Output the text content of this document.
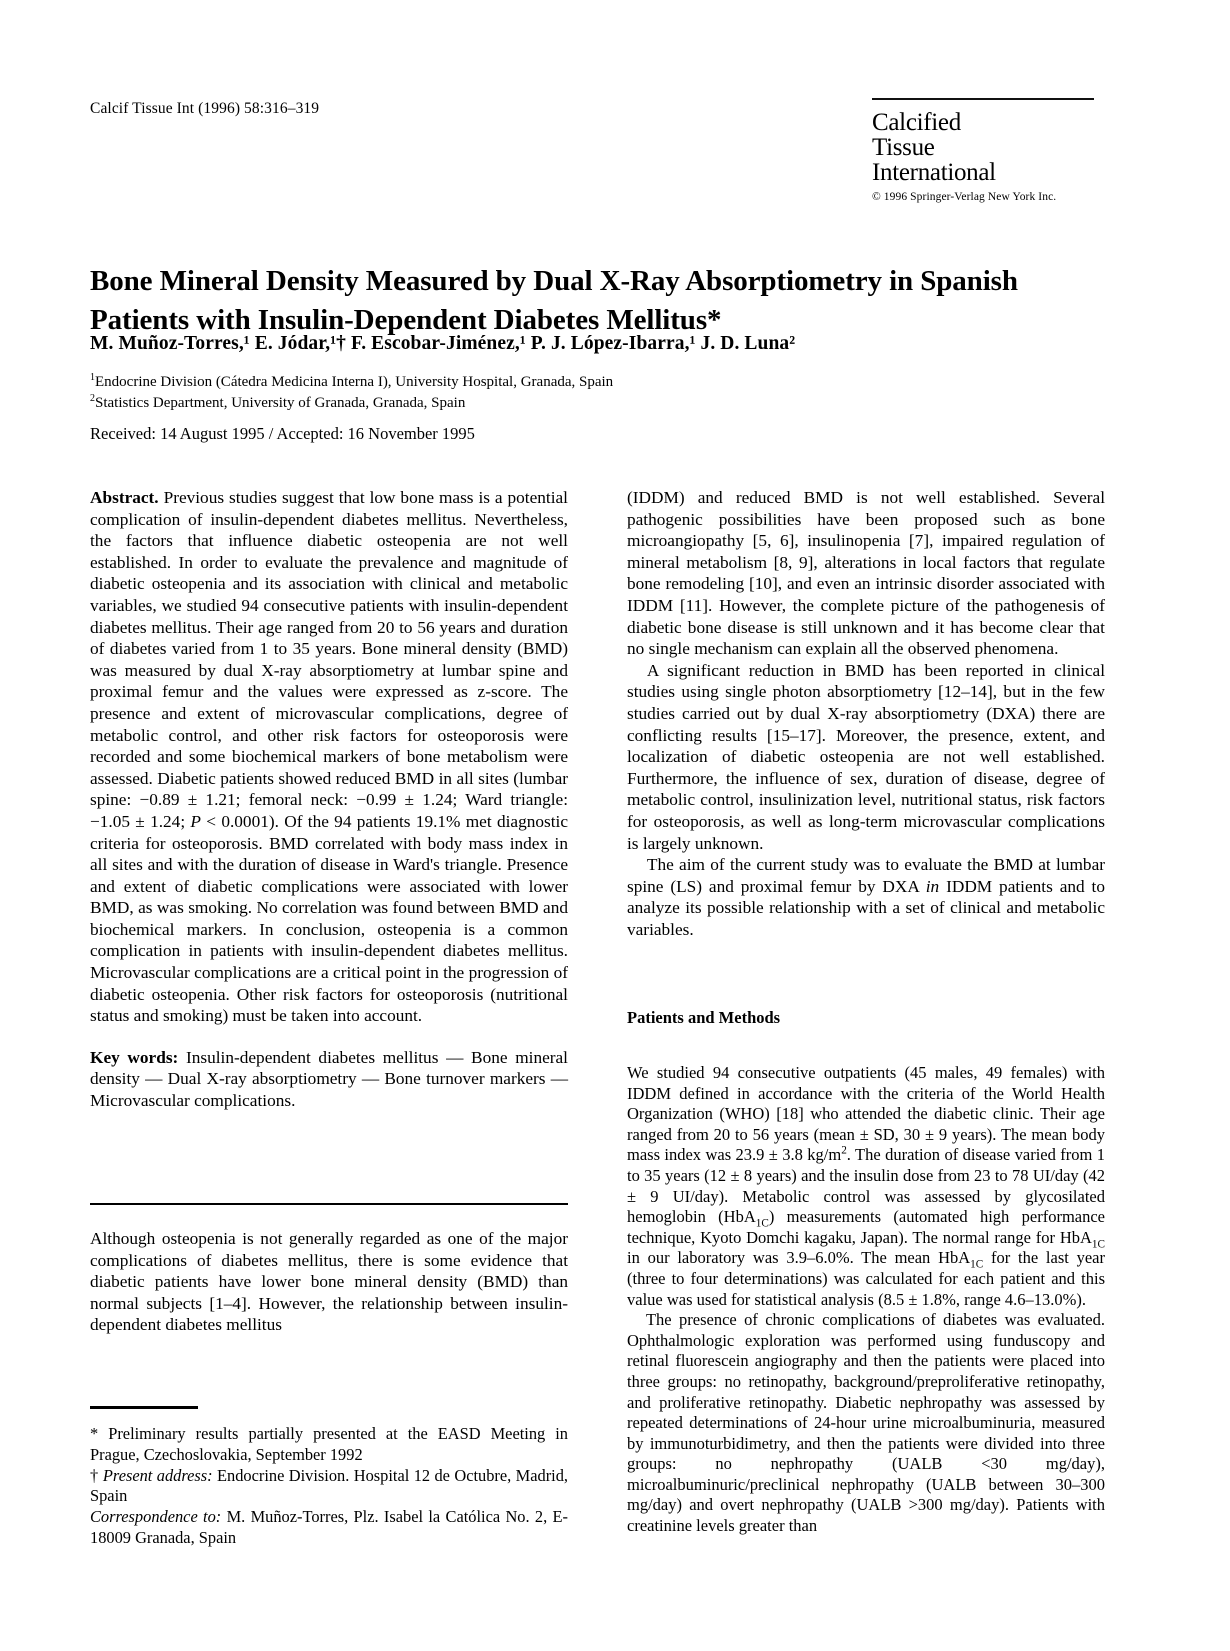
Calcif Tissue Int (1996) 58:316–319
Calcified
Tissue
International
© 1996 Springer-Verlag New York Inc.
Bone Mineral Density Measured by Dual X-Ray Absorptiometry in Spanish Patients with Insulin-Dependent Diabetes Mellitus*
M. Muñoz-Torres,¹ E. Jódar,¹† F. Escobar-Jiménez,¹ P. J. López-Ibarra,¹ J. D. Luna²
$^1$Endocrine Division (Cátedra Medicina Interna I), University Hospital, Granada, Spain
$^2$Statistics Department, University of Granada, Granada, Spain
Received: 14 August 1995 / Accepted: 16 November 1995

Abstract. Previous studies suggest that low bone mass is a potential complication of insulin-dependent diabetes mellitus. Nevertheless, the factors that influence diabetic osteopenia are not well established. In order to evaluate the prevalence and magnitude of diabetic osteopenia and its association with clinical and metabolic variables, we studied 94 consecutive patients with insulin-dependent diabetes mellitus. Their age ranged from 20 to 56 years and duration of diabetes varied from 1 to 35 years. Bone mineral density (BMD) was measured by dual X-ray absorptiometry at lumbar spine and proximal femur and the values were expressed as z-score. The presence and extent of microvascular complications, degree of metabolic control, and other risk factors for osteoporosis were recorded and some biochemical markers of bone metabolism were assessed. Diabetic patients showed reduced BMD in all sites (lumbar spine: −0.89 ± 1.21; femoral neck: −0.99 ± 1.24; Ward triangle: −1.05 ± 1.24; P < 0.0001). Of the 94 patients 19.1% met diagnostic criteria for osteoporosis. BMD correlated with body mass index in all sites and with the duration of disease in Ward's triangle. Presence and extent of diabetic complications were associated with lower BMD, as was smoking. No correlation was found between BMD and biochemical markers. In conclusion, osteopenia is a common complication in patients with insulin-dependent diabetes mellitus. Microvascular complications are a critical point in the progression of diabetic osteopenia. Other risk factors for osteoporosis (nutritional status and smoking) must be taken into account.

Key words: Insulin-dependent diabetes mellitus — Bone mineral density — Dual X-ray absorptiometry — Bone turnover markers — Microvascular complications.

Although osteopenia is not generally regarded as one of the major complications of diabetes mellitus, there is some evidence that diabetic patients have lower bone mineral density (BMD) than normal subjects [1–4]. However, the relationship between insulin-dependent diabetes mellitus

* Preliminary results partially presented at the EASD Meeting in Prague, Czechoslovakia, September 1992

† Present address: Endocrine Division. Hospital 12 de Octubre, Madrid, Spain

Correspondence to: M. Muñoz-Torres, Plz. Isabel la Católica No. 2, E-18009 Granada, Spain

(IDDM) and reduced BMD is not well established. Several pathogenic possibilities have been proposed such as bone microangiopathy [5, 6], insulinopenia [7], impaired regulation of mineral metabolism [8, 9], alterations in local factors that regulate bone remodeling [10], and even an intrinsic disorder associated with IDDM [11]. However, the complete picture of the pathogenesis of diabetic bone disease is still unknown and it has become clear that no single mechanism can explain all the observed phenomena.

A significant reduction in BMD has been reported in clinical studies using single photon absorptiometry [12–14], but in the few studies carried out by dual X-ray absorptiometry (DXA) there are conflicting results [15–17]. Moreover, the presence, extent, and localization of diabetic osteopenia are not well established. Furthermore, the influence of sex, duration of disease, degree of metabolic control, insulinization level, nutritional status, risk factors for osteoporosis, as well as long-term microvascular complications is largely unknown.

The aim of the current study was to evaluate the BMD at lumbar spine (LS) and proximal femur by DXA in IDDM patients and to analyze its possible relationship with a set of clinical and metabolic variables.

Patients and Methods

We studied 94 consecutive outpatients (45 males, 49 females) with IDDM defined in accordance with the criteria of the World Health Organization (WHO) [18] who attended the diabetic clinic. Their age ranged from 20 to 56 years (mean ± SD, 30 ± 9 years). The mean body mass index was 23.9 ± 3.8 $kg/m^2$. The duration of disease varied from 1 to 35 years (12 ± 8 years) and the insulin dose from 23 to 78 UI/day (42 ± 9 UI/day). Metabolic control was assessed by glycosilated hemoglobin (HbA$_{1C}$) measurements (automated high performance technique, Kyoto Domchi kagaku, Japan). The normal range for HbA$_{1C}$ in our laboratory was 3.9–6.0%. The mean HbA$_{1C}$ for the last year (three to four determinations) was calculated for each patient and this value was used for statistical analysis (8.5 ± 1.8%, range 4.6–13.0%).

The presence of chronic complications of diabetes was evaluated. Ophthalmologic exploration was performed using funduscopy and retinal fluorescein angiography and then the patients were placed into three groups: no retinopathy, background/preproliferative retinopathy, and proliferative retinopathy. Diabetic nephropathy was assessed by repeated determinations of 24-hour urine microalbuminuria, measured by immunoturbidimetry, and then the patients were divided into three groups: no nephropathy (UALB <30 mg/day), microalbuminuric/preclinical nephropathy (UALB between 30–300 mg/day) and overt nephropathy (UALB >300 mg/day). Patients with creatinine levels greater than
